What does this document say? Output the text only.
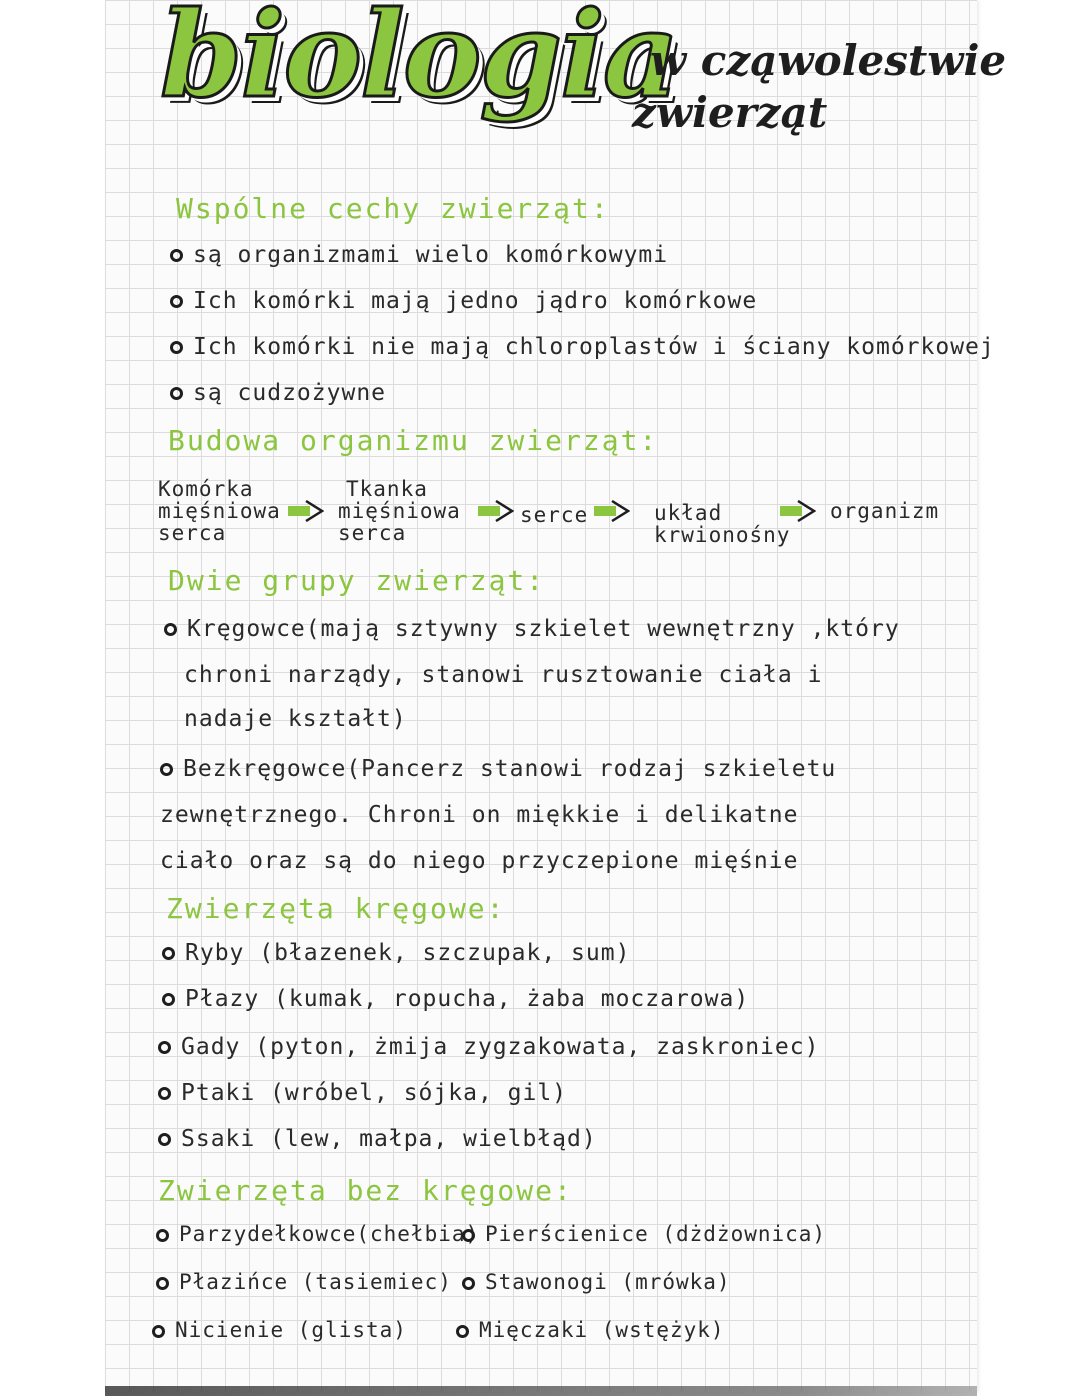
biologia
w cząwolestwie
zwierząt
Wspólne cechy zwierząt:
są organizmami wielo komórkowymi
Ich komórki mają jedno jądro komórkowe
Ich komórki nie mają chloroplastów i ściany komórkowej
są cudzożywne
Budowa organizmu zwierząt:
Komórka
mięśniowa
serca
Tkanka
mięśniowa
serca
serce	układ
krwionośny
organizm
Dwie grupy zwierząt:
Kręgowce(mają sztywny szkielet wewnętrzny ,który
chroni narządy, stanowi rusztowanie ciała i
nadaje kształt)
Bezkręgowce(Pancerz stanowi rodzaj szkieletu
zewnętrznego. Chroni on miękkie i delikatne
ciało oraz są do niego przyczepione mięśnie
Zwierzęta kręgowe:
Ryby (błazenek, szczupak, sum)
Płazy (kumak, ropucha, żaba moczarowa)
Gady (pyton, żmija zygzakowata, zaskroniec)
Ptaki (wróbel, sójka, gil)
Ssaki (lew, małpa, wielbłąd)
Zwierzęta bez kręgowe:
Parzydełkowce(chełbia)
Płazińce (tasiemiec)
Nicienie (glista)
Pierścienice (dżdżownica)
Stawonogi (mrówka)
Mięczaki (wstężyk)
